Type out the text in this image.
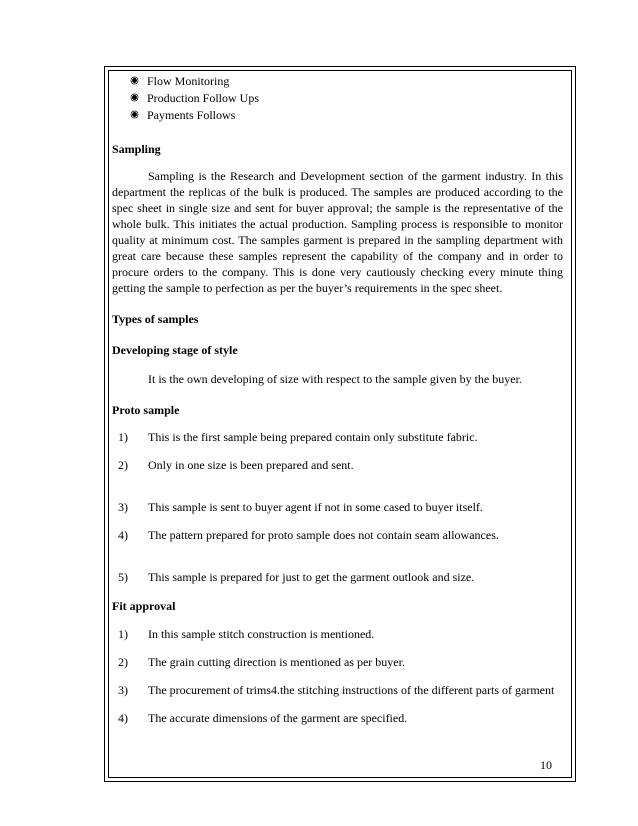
Flow Monitoring
Production Follow Ups
Payments Follows
Sampling

Sampling is the Research and Development section of the garment industry. In this department the replicas of the bulk is produced. The samples are produced according to the spec sheet in single size and sent for buyer approval; the sample is the representative of the whole bulk. This initiates the actual production. Sampling process is responsible to monitor quality at minimum cost. The samples garment is prepared in the sampling department with great care because these samples represent the capability of the company and in order to procure orders to the company. This is done very cautiously checking every minute thing getting the sample to perfection as per the buyer’s requirements in the spec sheet.

Types of samples
Developing stage of style

It is the own developing of size with respect to the sample given by the buyer.

Proto sample

1) This is the first sample being prepared contain only substitute fabric.

2) Only in one size is been prepared and sent.

3) This sample is sent to buyer agent if not in some cased to buyer itself.

4) The pattern prepared for proto sample does not contain seam allowances.

5) This sample is prepared for just to get the garment outlook and size.

Fit approval

1) In this sample stitch construction is mentioned.

2) The grain cutting direction is mentioned as per buyer.

3) The procurement of trims4.the stitching instructions of the different parts of garment

4) The accurate dimensions of the garment are specified.

10
